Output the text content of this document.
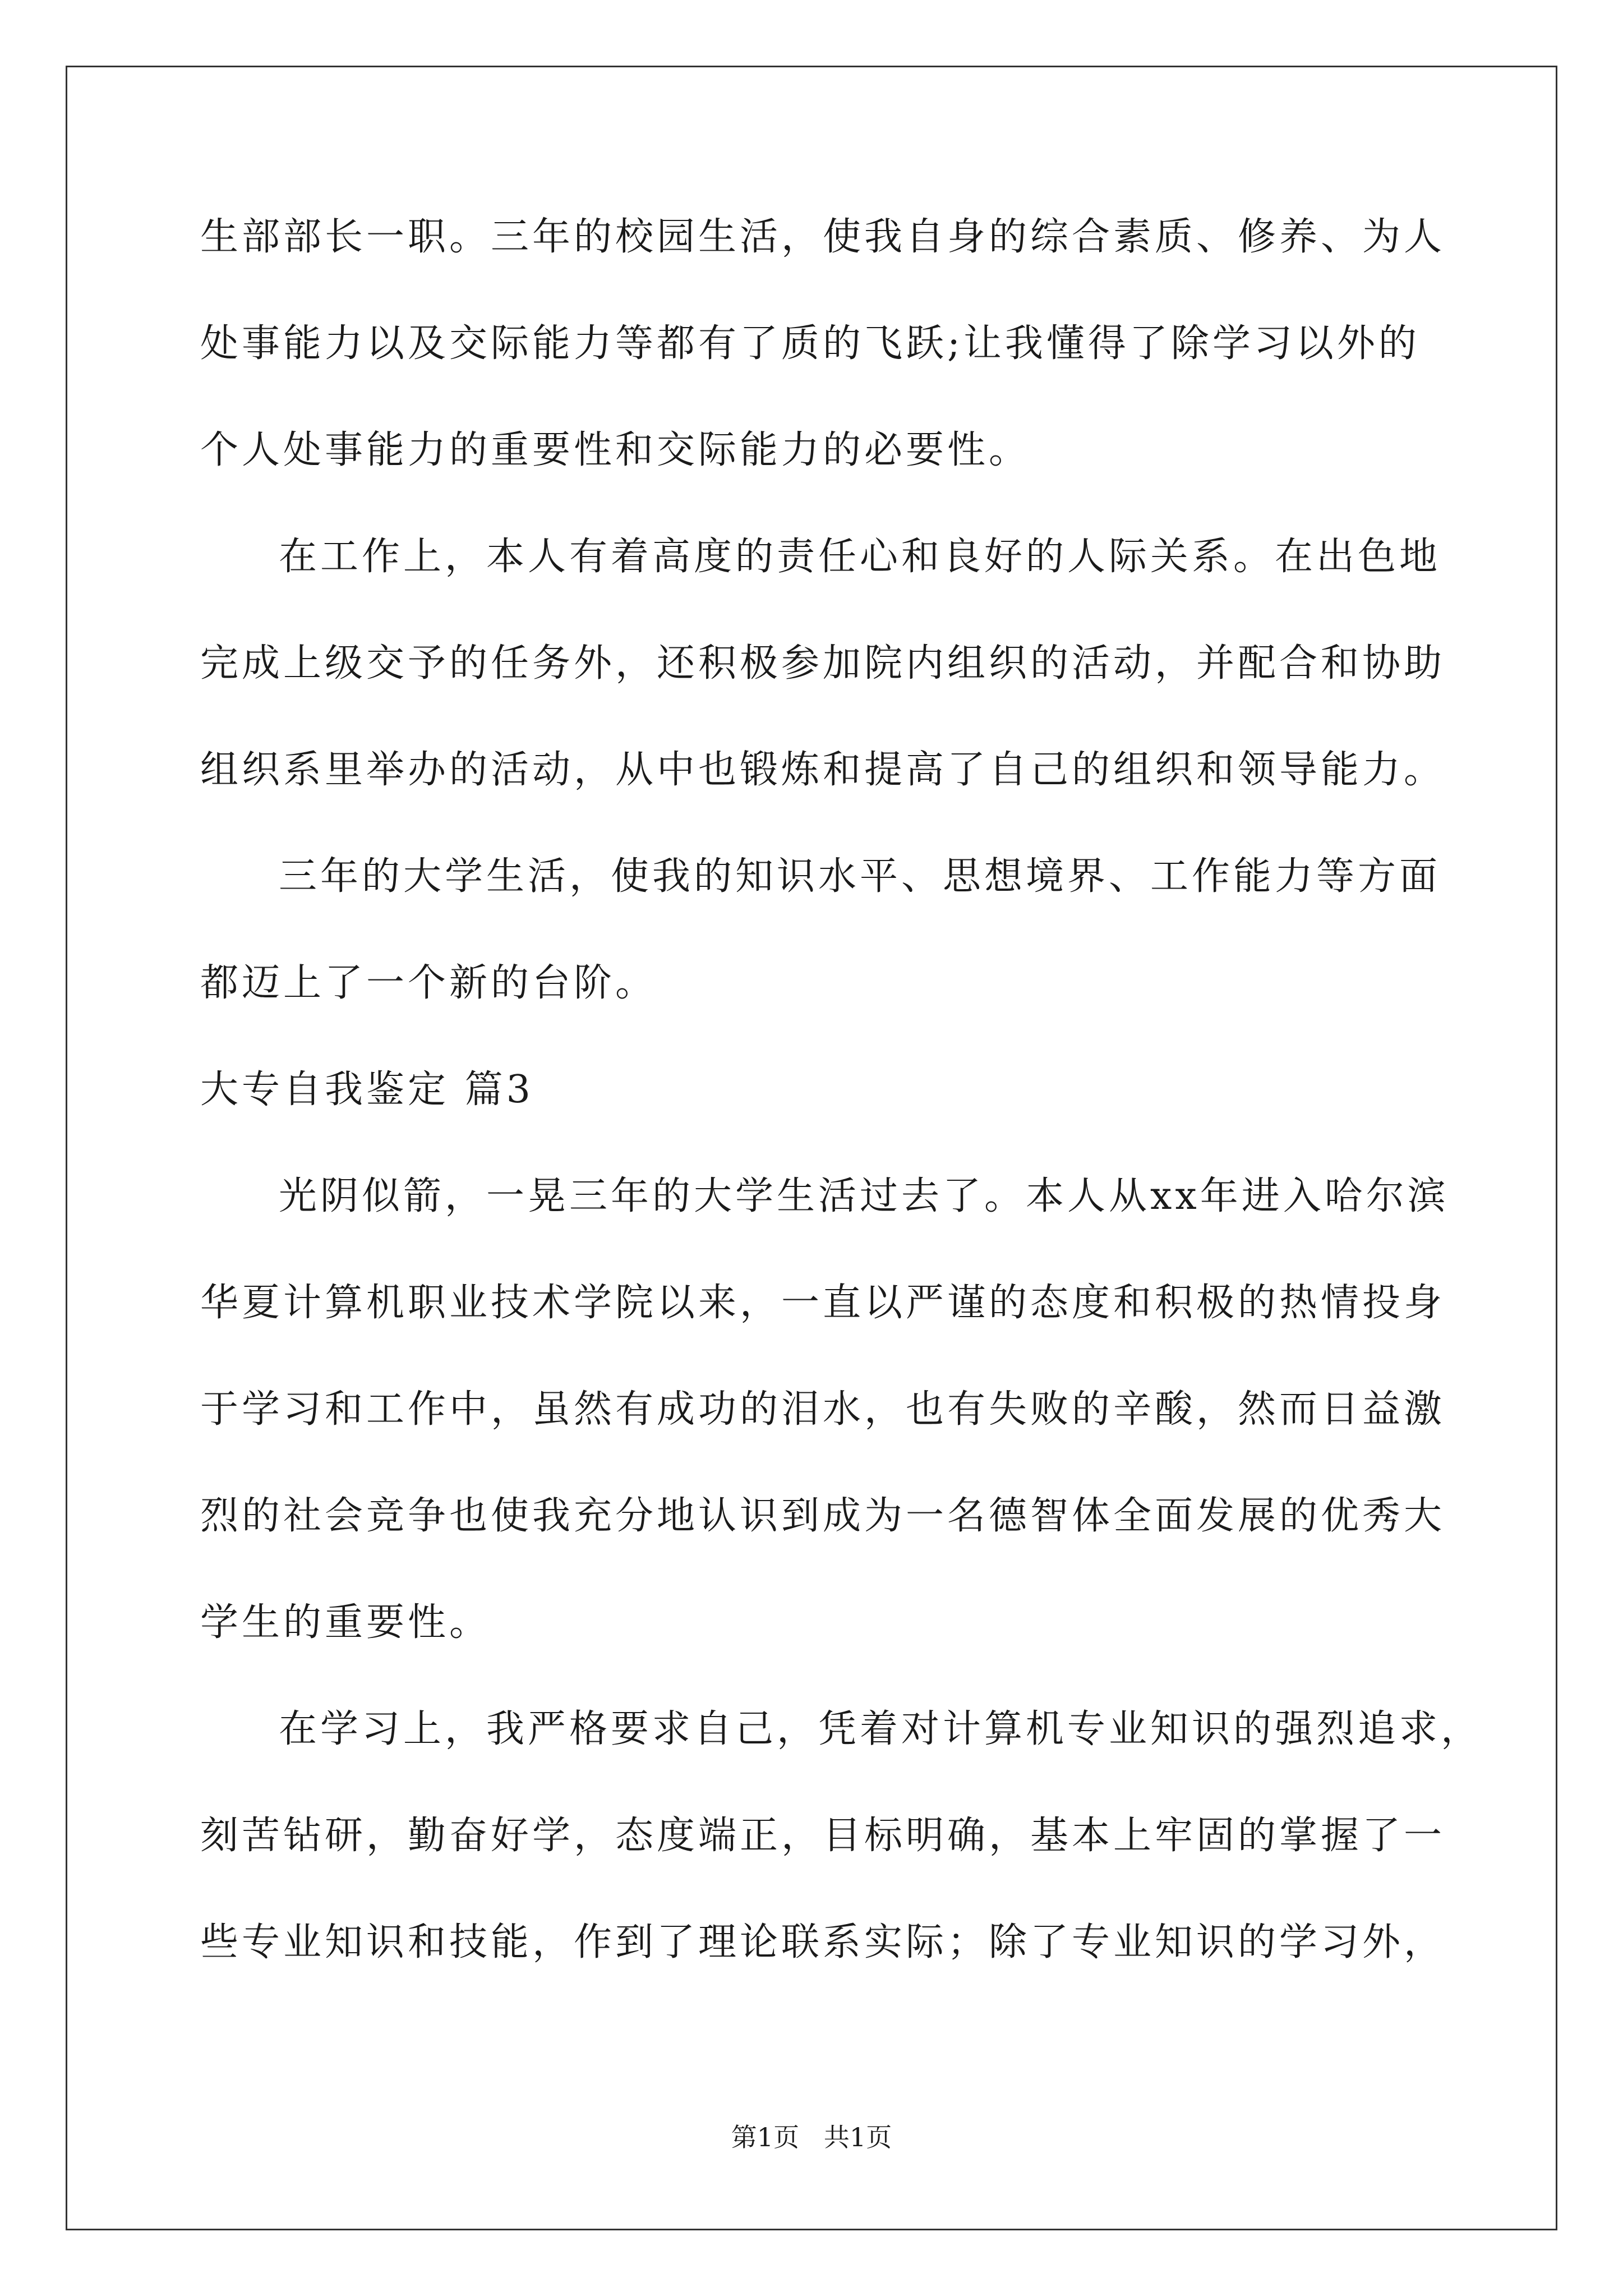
生部部长一职。三年的校园生活，使我自身的综合素质、修养、为人
处事能力以及交际能力等都有了质的飞跃;让我懂得了除学习以外的
个人处事能力的重要性和交际能力的必要性。
在工作上，本人有着高度的责任心和良好的人际关系。在出色地
完成上级交予的任务外，还积极参加院内组织的活动，并配合和协助
组织系里举办的活动，从中也锻炼和提高了自己的组织和领导能力。
三年的大学生活，使我的知识水平、思想境界、工作能力等方面
都迈上了一个新的台阶。
大专自我鉴定 篇3
光阴似箭，一晃三年的大学生活过去了。本人从xx年进入哈尔滨
华夏计算机职业技术学院以来，一直以严谨的态度和积极的热情投身
于学习和工作中，虽然有成功的泪水，也有失败的辛酸，然而日益激
烈的社会竞争也使我充分地认识到成为一名德智体全面发展的优秀大
学生的重要性。
在学习上，我严格要求自己，凭着对计算机专业知识的强烈追求，
刻苦钻研，勤奋好学，态度端正，目标明确，基本上牢固的掌握了一
些专业知识和技能，作到了理论联系实际；除了专业知识的学习外，
第1页   共1页
